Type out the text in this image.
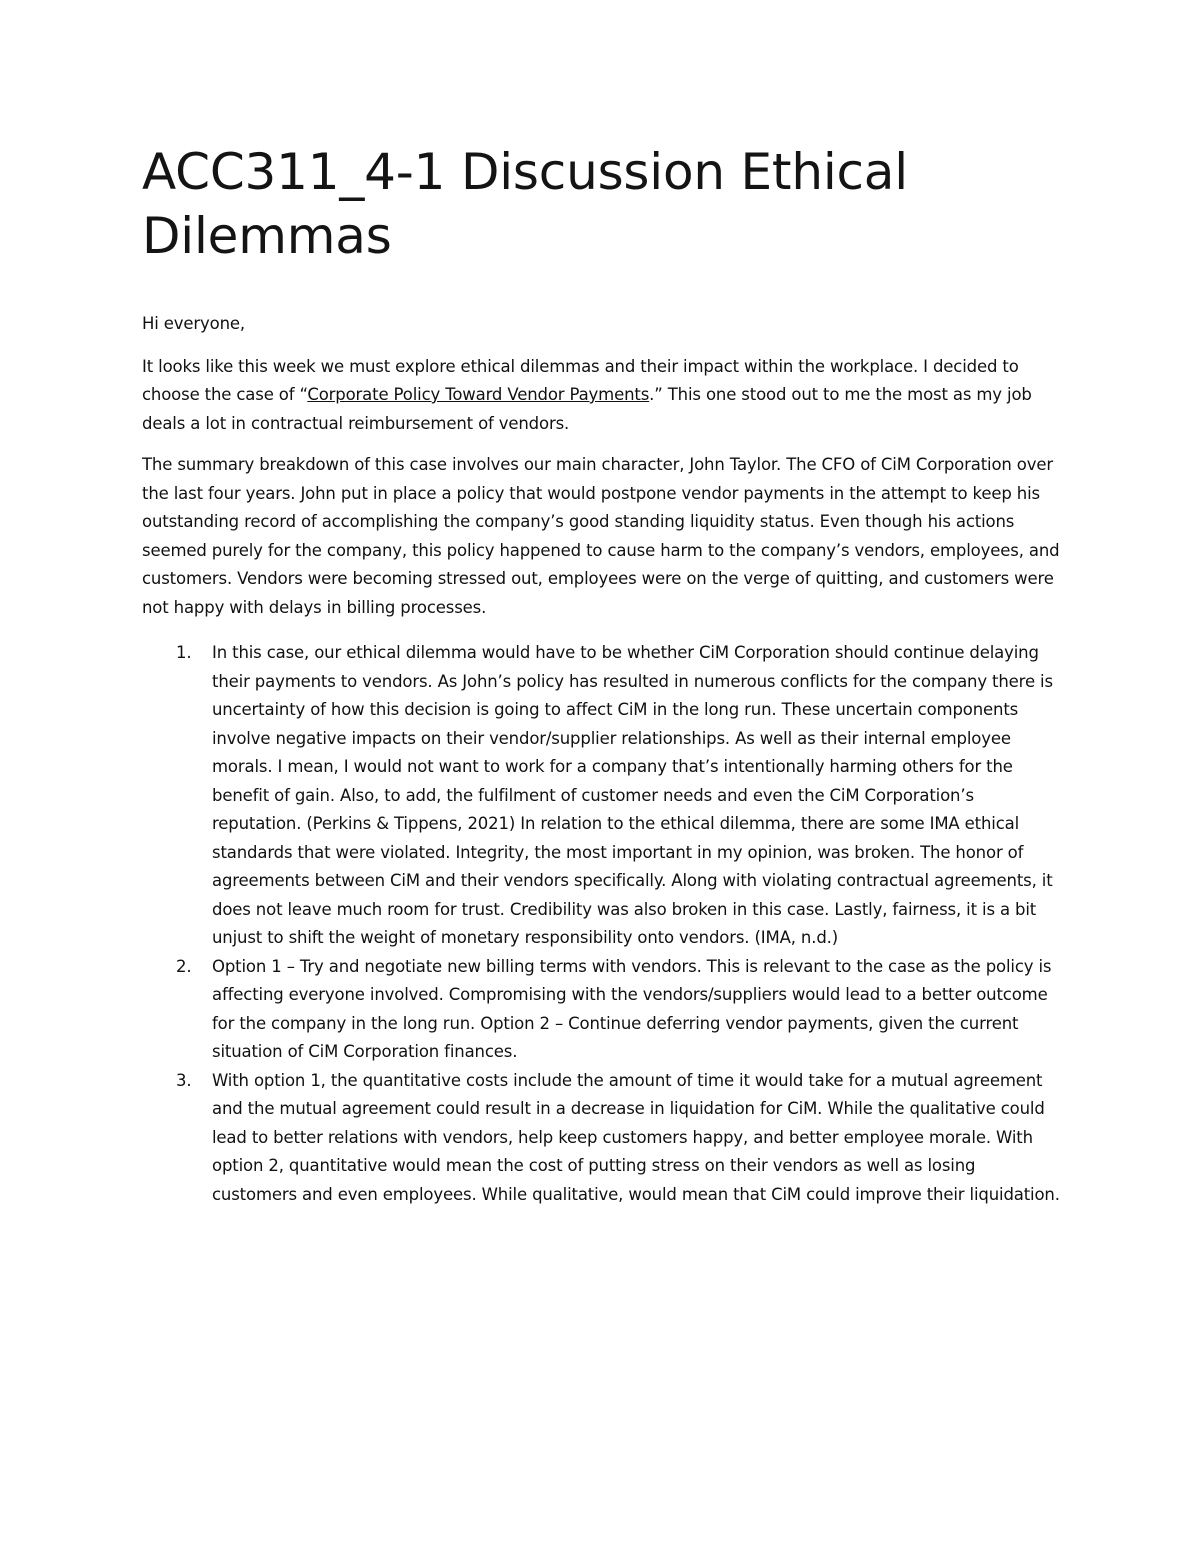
ACC311_4-1 Discussion Ethical Dilemmas

Hi everyone,

It looks like this week we must explore ethical dilemmas and their impact within the workplace. I decided to choose the case of “Corporate Policy Toward Vendor Payments.” This one stood out to me the most as my job deals a lot in contractual reimbursement of vendors.

The summary breakdown of this case involves our main character, John Taylor. The CFO of CiM Corporation over the last four years. John put in place a policy that would postpone vendor payments in the attempt to keep his outstanding record of accomplishing the company’s good standing liquidity status. Even though his actions seemed purely for the company, this policy happened to cause harm to the company’s vendors, employees, and customers. Vendors were becoming stressed out, employees were on the verge of quitting, and customers were not happy with delays in billing processes.

1. In this case, our ethical dilemma would have to be whether CiM Corporation should continue delaying their payments to vendors. As John’s policy has resulted in numerous conflicts for the company there is uncertainty of how this decision is going to affect CiM in the long run. These uncertain components involve negative impacts on their vendor/supplier relationships. As well as their internal employee morals. I mean, I would not want to work for a company that’s intentionally harming others for the benefit of gain. Also, to add, the fulfilment of customer needs and even the CiM Corporation’s reputation. (Perkins & Tippens, 2021) In relation to the ethical dilemma, there are some IMA ethical standards that were violated. Integrity, the most important in my opinion, was broken. The honor of agreements between CiM and their vendors specifically. Along with violating contractual agreements, it does not leave much room for trust. Credibility was also broken in this case. Lastly, fairness, it is a bit unjust to shift the weight of monetary responsibility onto vendors. (IMA, n.d.)
2. Option 1 – Try and negotiate new billing terms with vendors. This is relevant to the case as the policy is affecting everyone involved. Compromising with the vendors/suppliers would lead to a better outcome for the company in the long run. Option 2 – Continue deferring vendor payments, given the current situation of CiM Corporation finances.
3. With option 1, the quantitative costs include the amount of time it would take for a mutual agreement and the mutual agreement could result in a decrease in liquidation for CiM. While the qualitative could lead to better relations with vendors, help keep customers happy, and better employee morale. With option 2, quantitative would mean the cost of putting stress on their vendors as well as losing customers and even employees. While qualitative, would mean that CiM could improve their liquidation.
